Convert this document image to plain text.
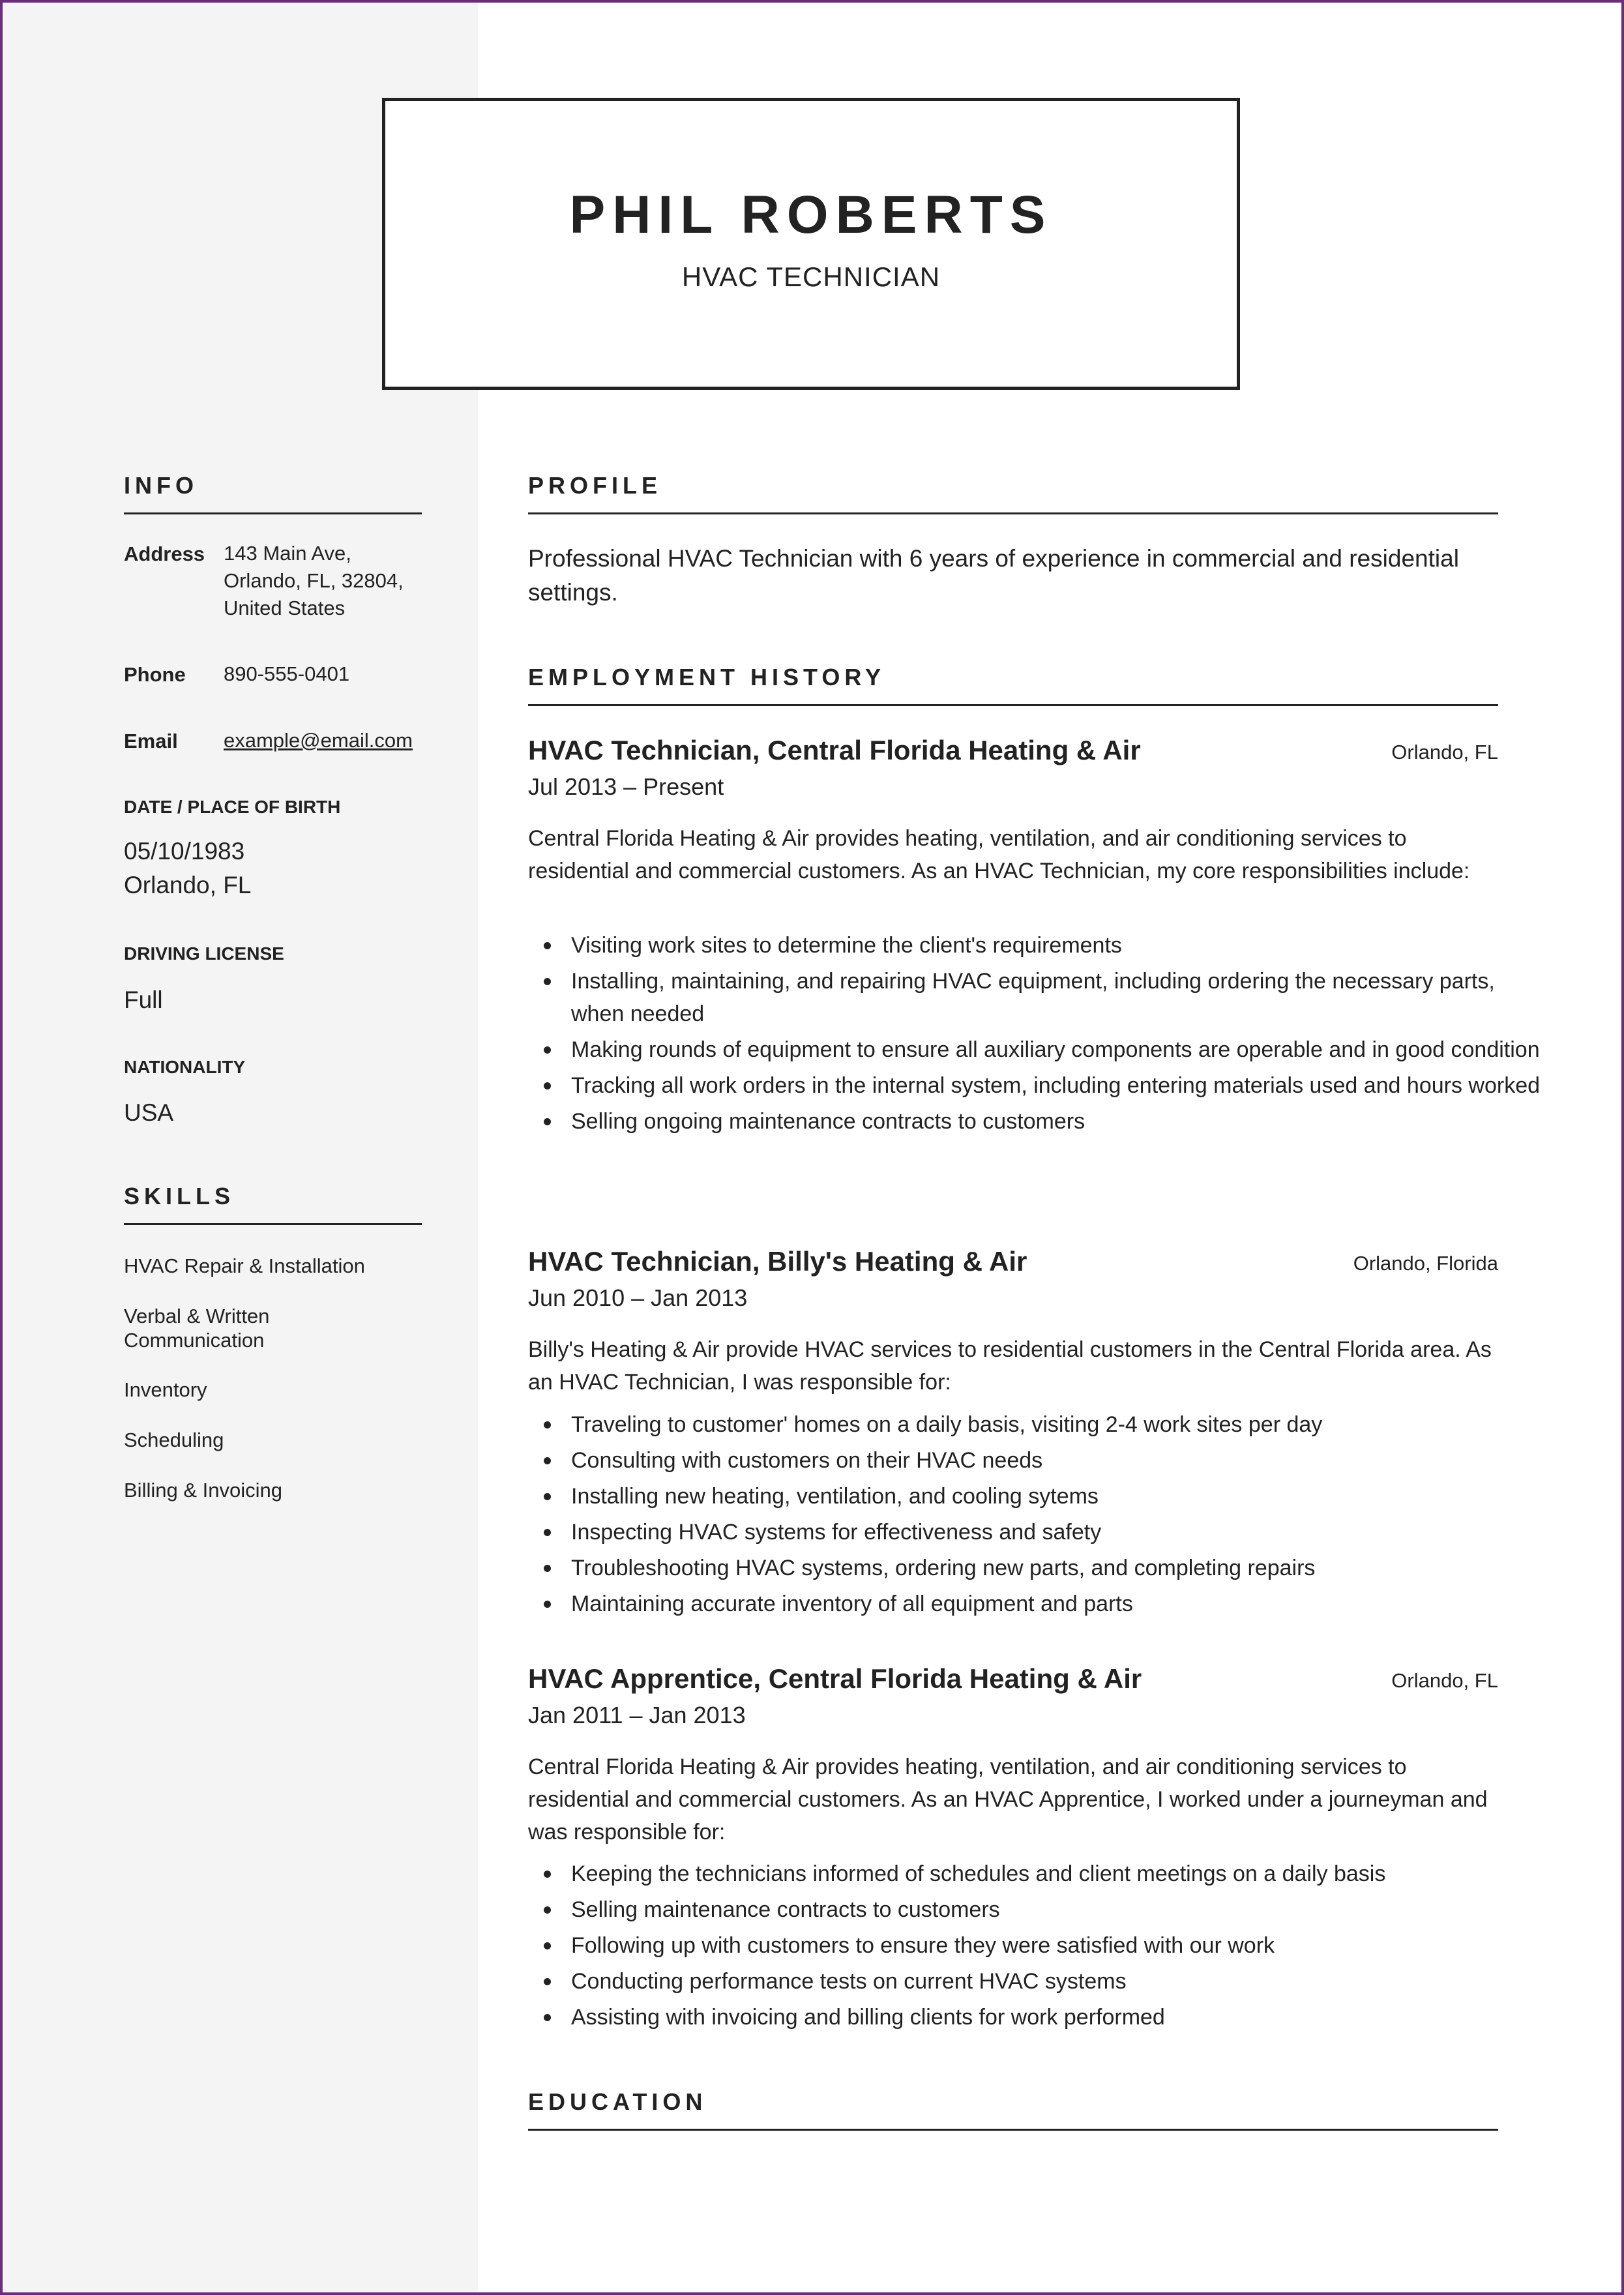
PHIL ROBERTS
HVAC TECHNICIAN
INFO
Address 143 Main Ave,
Orlando, FL, 32804,
United States
Phone 890-555-0401
Email example@email.com
DATE / PLACE OF BIRTH
05/10/1983
Orlando, FL
DRIVING LICENSE
Full
NATIONALITY
USA
SKILLS
HVAC Repair & Installation
Verbal & Written Communication
Inventory
Scheduling
Billing & Invoicing
PROFILE
Professional HVAC Technician with 6 years of experience in commercial and residential settings.
EMPLOYMENT HISTORY
HVAC Technician, Central Florida Heating & Air	Orlando, FL
Jul 2013 – Present
Central Florida Heating & Air provides heating, ventilation, and air conditioning services to residential and commercial customers. As an HVAC Technician, my core responsibilities include:
Visiting work sites to determine the client's requirements
Installing, maintaining, and repairing HVAC equipment, including ordering the necessary parts, when needed
Making rounds of equipment to ensure all auxiliary components are operable and in good condition
Tracking all work orders in the internal system, including entering materials used and hours worked
Selling ongoing maintenance contracts to customers
HVAC Technician, Billy's Heating & Air	Orlando, Florida
Jun 2010 – Jan 2013
Billy's Heating & Air provide HVAC services to residential customers in the Central Florida area. As an HVAC Technician, I was responsible for:
Traveling to customer' homes on a daily basis, visiting 2-4 work sites per day
Consulting with customers on their HVAC needs
Installing new heating, ventilation, and cooling sytems
Inspecting HVAC systems for effectiveness and safety
Troubleshooting HVAC systems, ordering new parts, and completing repairs
Maintaining accurate inventory of all equipment and parts
HVAC Apprentice, Central Florida Heating & Air	Orlando, FL
Jan 2011 – Jan 2013
Central Florida Heating & Air provides heating, ventilation, and air conditioning services to residential and commercial customers. As an HVAC Apprentice, I worked under a journeyman and was responsible for:
Keeping the technicians informed of schedules and client meetings on a daily basis
Selling maintenance contracts to customers
Following up with customers to ensure they were satisfied with our work
Conducting performance tests on current HVAC systems
Assisting with invoicing and billing clients for work performed
EDUCATION
